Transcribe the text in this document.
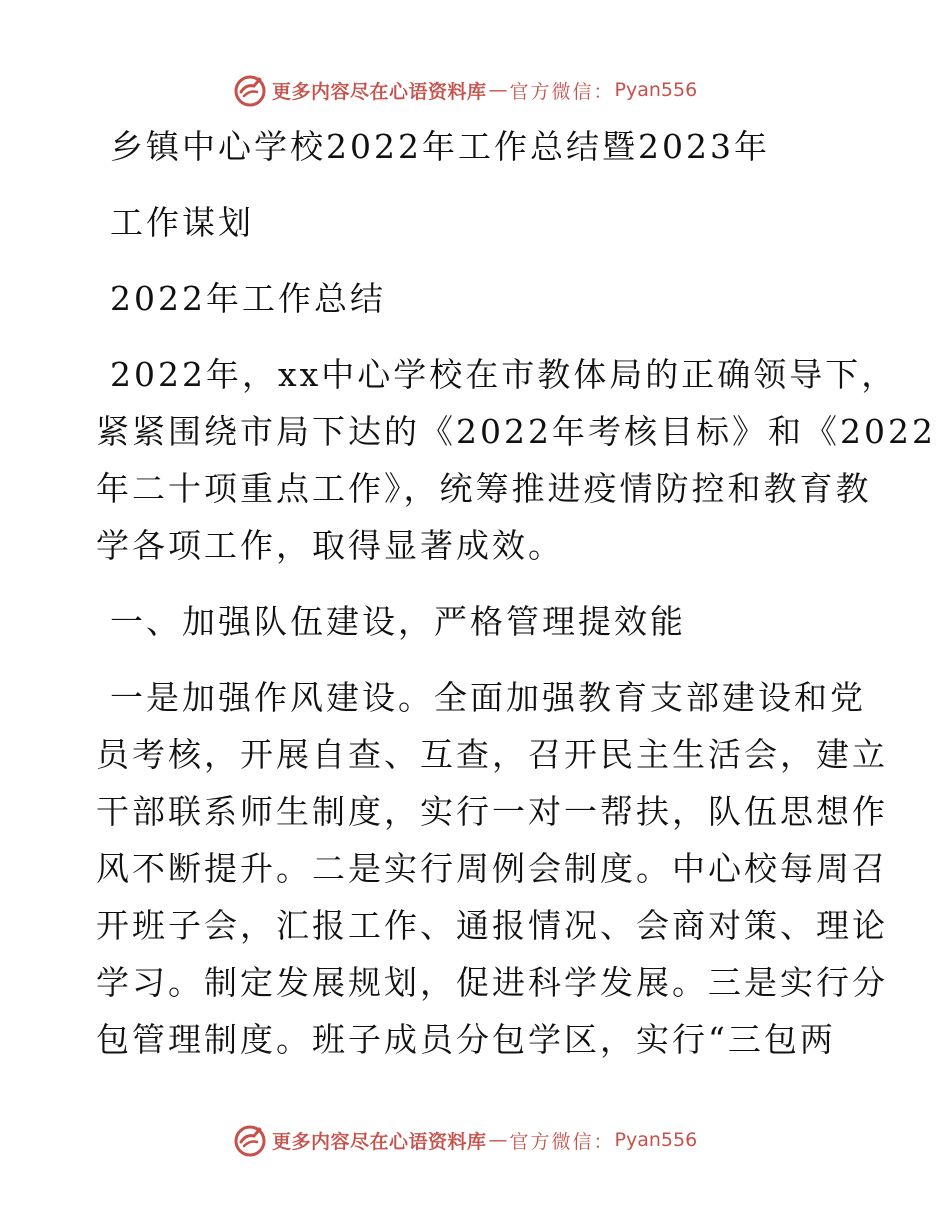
更多内容尽在心语资料库 — 官方微信： Pyan556
乡镇中心学校2022年工作总结暨2023年
工作谋划
2022年工作总结
2022年，xx中心学校在市教体局的正确领导下，
紧紧围绕市局下达的《2022年考核目标》和《2022
年二十项重点工作》，统筹推进疫情防控和教育教
学各项工作，取得显著成效。
一、加强队伍建设，严格管理提效能
一是加强作风建设。全面加强教育支部建设和党
员考核，开展自查、互查，召开民主生活会，建立
干部联系师生制度，实行一对一帮扶，队伍思想作
风不断提升。二是实行周例会制度。中心校每周召
开班子会，汇报工作、通报情况、会商对策、理论
学习。制定发展规划，促进科学发展。三是实行分
包管理制度。班子成员分包学区，实行“三包两
更多内容尽在心语资料库 — 官方微信： Pyan556
